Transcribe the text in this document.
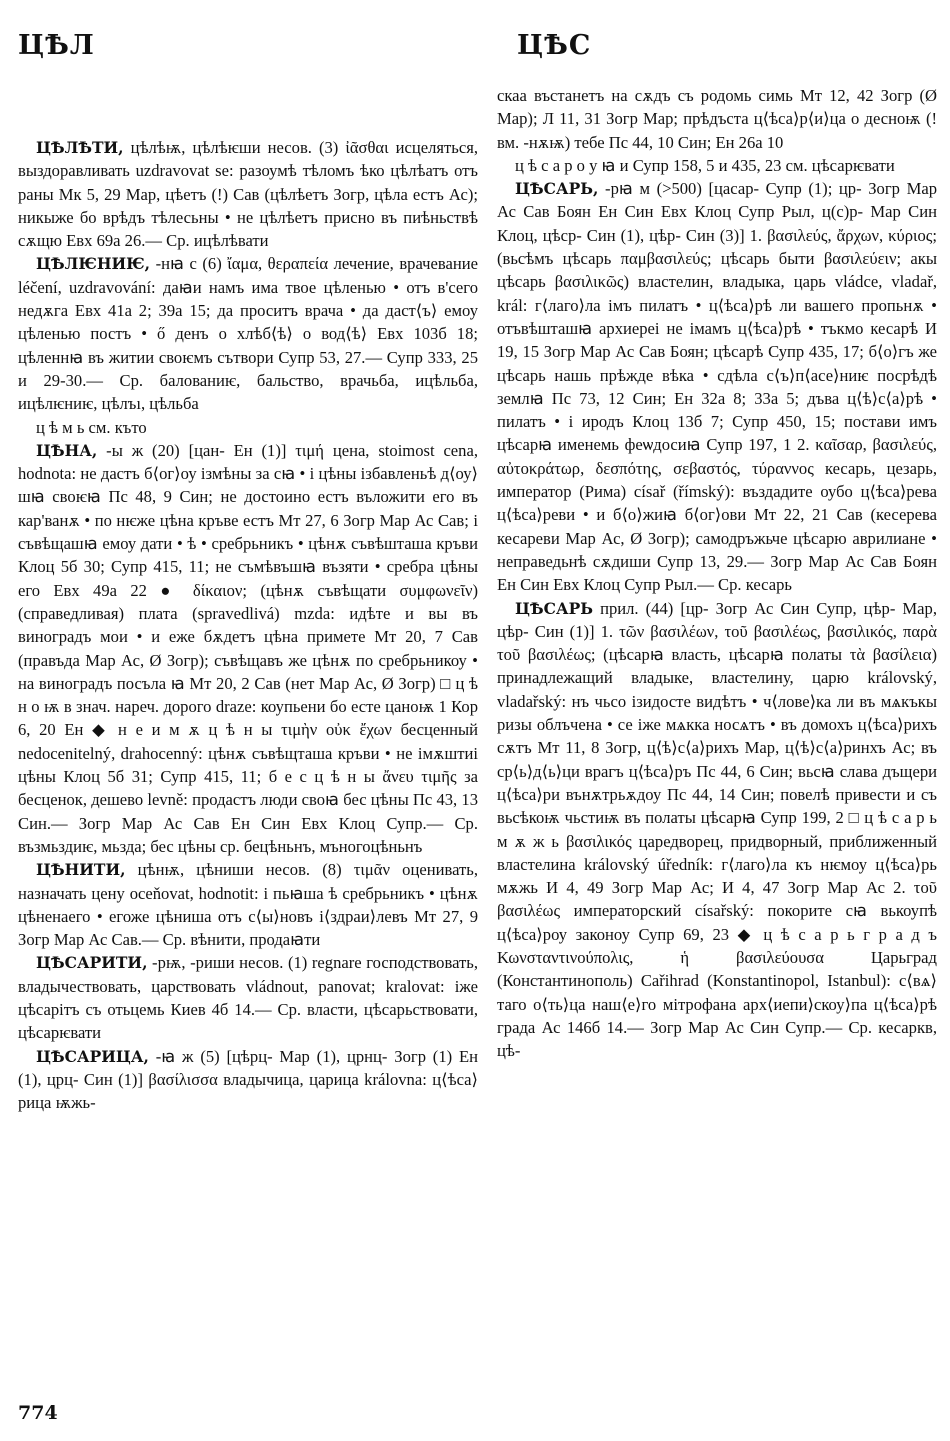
ЦѢЛ	ЦѢС

ЦѢЛѢТИ, цѣлѣѭ, цѣлѣѥши несов. (3) ἰᾶσθαι исцеляться, выздоравливать uzdravovat se: разоумѣ тѣломъ ѣко цѣлѣатъ отъ раны Мк 5, 29 Мар, цѣетъ (!) Сав (цѣлѣетъ Зогр, цѣла естъ Ас); никыже бо врѣдъ тѣлесьны • не цѣлѣетъ присно въ пиѣньствѣ сѫщю Евх 69а 26.— Ср. ицѣлѣвати

ЦѢЛѤНИѤ, -нꙗ с (6) ἴαμα, θεραπεία лечение, врачевание léčení, uzdravování: даꙗи намъ има твое цѣленью • отъ в'сего недѫга Евх 41а 2; 39а 15; да проситъ врача • да даст⟨ъ⟩ емоу цѣленью постъ • ő денъ о хлѣб⟨ѣ⟩ о вод⟨ѣ⟩ Евх 103б 18; цѣленнꙗ въ житии своѥмъ сътвори Супр 53, 27.— Супр 333, 25 и 29-30.— Ср. балованиѥ, бальство, врачьба, ицѣльба, ицѣлѥниѥ, цѣлъı, цѣльба

ц ѣ м ь см. къто

ЦѢНА, -ы ж (20) [цан- Ен (1)] τιμή цена, stoimost cena, hodnota: не дастъ б⟨ог⟩оу ізмѣны за сꙗ • і цѣны ізбавленьѣ д⟨оу⟩шꙗ своѥꙗ Пс 48, 9 Син; не достоино естъ въложити его въ кар'ванѫ • по нѥже цѣна кръве естъ Мт 27, 6 Зогр Мар Ас Сав; і съвѣщашꙗ емоу дати • ѣ • сребрьникъ • цѣнѫ съвѣшташа кръви Клоц 5б 30; Супр 415, 11; не съмѣвъшꙗ възяти • сребра цѣны его Евх 49а 22 ● δίκαιον; (цѣнѫ съвѣщати συμφωνεῖν) (справедливая) плата (spravedlivá) mzda: идѣте и вы въ виноградъ мои • и еже бѫдетъ цѣна примете Мт 20, 7 Сав (правъда Мар Ас, Ø Зогр); съвѣщавъ же цѣнѫ по сребрьникоу • на виноградъ посъла ꙗ Мт 20, 2 Сав (нет Мар Ас, Ø Зогр) □ ц ѣ н о ѭ в знач. нареч. дорого draze: коупьени бо есте цаноѭ 1 Кор 6, 20 Ен ◆ н е и м ѫ ц ѣ н ы τιμὴν οὐκ ἔχων бесценный nedocenitelný, drahocenný: цѣнѫ съвѣщташа кръви • не імѫштиі цѣны Клоц 5б 31; Супр 415, 11; б е с ц ѣ н ы ἄνευ τιμῆς за бесценок, дешево levně: продастъ люди своꙗ бес цѣны Пс 43, 13 Син.— Зогр Мар Ас Сав Ен Син Евх Клоц Супр.— Ср. възмьздиѥ, мьзда; бес цѣны ср. бецѣньнъ, мъногоцѣньнъ

ЦѢНИТИ, цѣнѭ, цѣниши несов. (8) τιμᾶν оценивать, назначать цену oceňovat, hodnotit: і пьꙗша ѣ сребрьникъ • цѣнѫ цѣненаего • егоже цѣниша отъ с⟨ы⟩новъ і⟨здраи⟩левъ Мт 27, 9 Зогр Мар Ас Сав.— Ср. вѣнити, продаꙗти

ЦѢСАРИТИ, -рѭ, -риши несов. (1) regnare господствовать, владычествовать, царствовать vládnout, panovat; kralovat: іже цѣсарітъ съ отьцемь Киев 4б 14.— Ср. власти, цѣсарьствовати, цѣсарѥвати

ЦѢСАРИЦА, -ꙗ ж (5) [цѣрц- Мар (1), црнц- Зогр (1) Ен (1), црц- Син (1)] βασίλισσα владычица, царица královna: ц⟨ѣса⟩рица ѭжь-

скаа въстанетъ на сѫдъ съ родомь симь Мт 12, 42 Зогр (Ø Мар); Л 11, 31 Зогр Мар; прѣдъста ц⟨ѣса⟩р⟨и⟩ца о десноѭ (! вм. -нѫѭ) тебе Пс 44, 10 Син; Ен 26а 10

ц ѣ с а р о у ꙗ и Супр 158, 5 и 435, 23 см. цѣсарѥвати

ЦѢСАРЬ, -рꙗ м (>500) [цасар- Супр (1); цр- Зогр Мар Ас Сав Боян Ен Син Евх Клоц Супр Рыл, ц(с)р- Мар Син Клоц, цѣср- Син (1), цѣр- Син (3)] 1. βασιλεύς, ἄρχων, κύριος; (вьсѣмъ цѣсарь παμβασιλεύς; цѣсарь быти βασιλεύειν; акы цѣсарь βασιλικῶς) властелин, владыка, царь vládce, vladař, král: г⟨лаго⟩ла імъ пилатъ • ц⟨ѣса⟩рѣ ли вашего пропьнѫ • отъвѣшташꙗ архиереі не імамъ ц⟨ѣса⟩рѣ • тъкмо кесарѣ И 19, 15 Зогр Мар Ас Сав Боян; цѣсарѣ Супр 435, 17; б⟨о⟩гъ же цѣсарь нашь прѣжде вѣка • сдѣла с⟨ъ⟩п⟨асе⟩ниѥ посрѣдѣ землꙗ Пс 73, 12 Син; Ен 32а 8; 33а 5; дъва ц⟨ѣ⟩с⟨а⟩рѣ • пилатъ • і иродъ Клоц 13б 7; Супр 450, 15; постави имъ цѣсарꙗ именемь феѡдосиꙗ Супр 197, 1 2. καῖσαρ, βασιλεύς, αὐτοκράτωρ, δεσπότης, σεβαστός, τύραννος кесарь, цезарь, император (Рима) císař (římský): въздадите оубо ц⟨ѣса⟩рева ц⟨ѣса⟩реви • и б⟨о⟩жиꙗ б⟨ог⟩ови Мт 22, 21 Сав (кесерева кесареви Мар Ас, Ø Зогр); самодръжьче цѣсарю аврилиане • неправедьнѣ сѫдиши Супр 13, 29.— Зогр Мар Ас Сав Боян Ен Син Евх Клоц Супр Рыл.— Ср. кесарь

ЦѢСАРЬ прил. (44) [цр- Зогр Ас Син Супр, цѣр- Мар, цѣр- Син (1)] 1. τῶν βασιλέων, τοῦ βασιλέως, βασιλικός, παρὰ τοῦ βασιλέως; (цѣсарꙗ власть, цѣсарꙗ полаты τὰ βασίλεια) принадлежащий владыке, властелину, царю královský, vladařský: нъ чьсо ізидосте видѣтъ • ч⟨лове⟩ка ли въ мѧкъкы ризы облъчена • се іже мѧкка носѧтъ • въ домохъ ц⟨ѣса⟩рихъ сѫтъ Мт 11, 8 Зогр, ц⟨ѣ⟩с⟨а⟩рихъ Мар, ц⟨ѣ⟩с⟨а⟩ринхъ Ас; въ ср⟨ь⟩д⟨ь⟩ци врагъ ц⟨ѣса⟩ръ Пс 44, 6 Син; вьсꙗ слава дъщери ц⟨ѣса⟩ри вънѫтрьѫдоу Пс 44, 14 Син; повелѣ привести и съ вьсѣкоѭ чьстиѭ въ полаты цѣсарꙗ Супр 199, 2 □ ц ѣ с а р ь м ѫ ж ь βασιλικός царедворец, придворный, приближенный властелина královský úředník: г⟨лаго⟩ла къ нѥмоу ц⟨ѣса⟩рь мѫжь И 4, 49 Зогр Мар Ас; И 4, 47 Зогр Мар Ас 2. τοῦ βασιλέως императорский císařský: покорите сꙗ вькоупѣ ц⟨ѣса⟩роу законоу Супр 69, 23 ◆ ц ѣ с а р ь г р а д ъ Κωνσταντινούπολις, ἡ βασιλεύουσα Царьград (Константинополь) Cařihrad (Konstantinopol, Istanbul): с⟨вѧ⟩таго о⟨ть⟩ца наш⟨е⟩го мітрофана арх⟨иепи⟩скоу⟩па ц⟨ѣса⟩рѣ града Ас 146б 14.— Зогр Мар Ас Син Супр.— Ср. кесаркв, цѣ-

774
